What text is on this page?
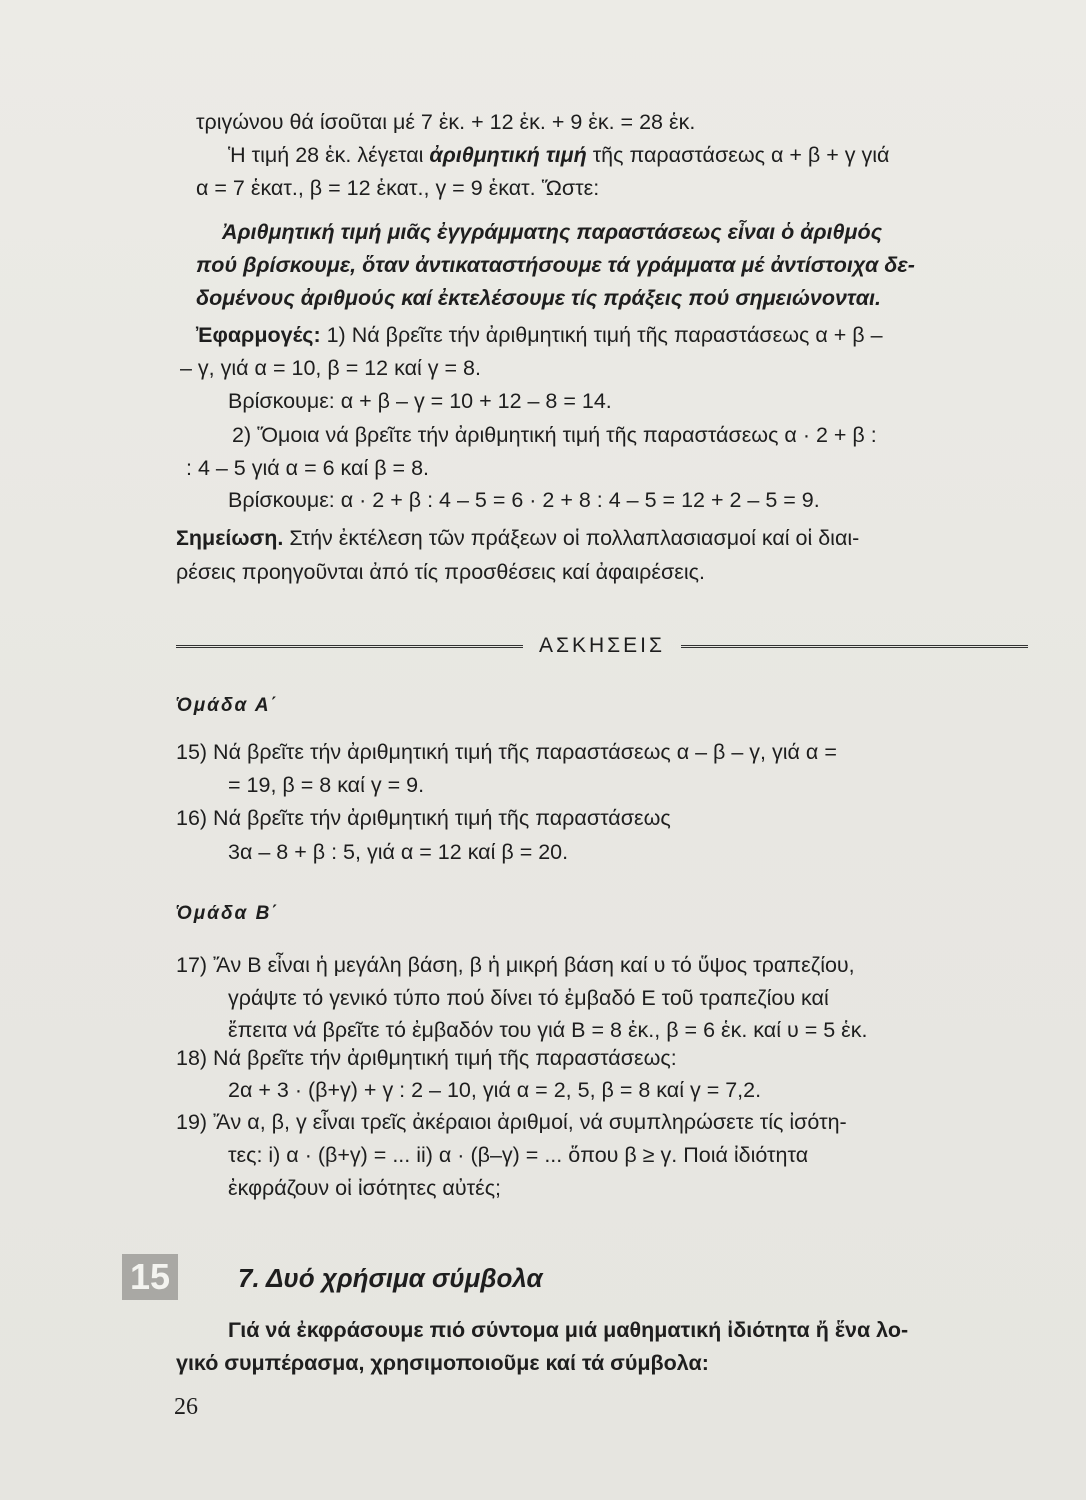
τριγώνου θά ίσοῦται μέ 7 ἑκ. + 12 ἑκ. + 9 ἑκ. = 28 ἑκ.
Ἡ τιμή 28 ἑκ. λέγεται ἀριθμητική τιμή τῆς παραστάσεως α + β + γ γιά
α = 7 ἑκατ., β = 12 ἑκατ., γ = 9 ἑκατ. Ὥστε:
Ἀριθμητική τιμή μιᾶς ἐγγράμματης παραστάσεως εἶναι ὁ ἀριθμός
πού βρίσκουμε, ὅταν ἀντικαταστήσουμε τά γράμματα μέ ἀντίστοιχα δε-
δομένους ἀριθμούς καί ἐκτελέσουμε τίς πράξεις πού σημειώνονται.
Ἐφαρμογές: 1) Νά βρεῖτε τήν ἀριθμητική τιμή τῆς παραστάσεως α + β –
– γ, γιά α = 10, β = 12 καί γ = 8.
Βρίσκουμε: α + β – γ = 10 + 12 – 8 = 14.
2) Ὅμοια νά βρεῖτε τήν ἀριθμητική τιμή τῆς παραστάσεως α · 2 + β :
: 4 – 5 γιά α = 6 καί β = 8.
Βρίσκουμε: α · 2 + β : 4 – 5 = 6 · 2 + 8 : 4 – 5 = 12 + 2 – 5 = 9.
Σημείωση. Στήν ἐκτέλεση τῶν πράξεων οἱ πολλαπλασιασμοί καί οἱ διαι-
ρέσεις προηγοῦνται ἀπό τίς προσθέσεις καί ἀφαιρέσεις.
ΑΣΚΗΣΕΙΣ
Ὁμάδα Α΄
15) Νά βρεῖτε τήν ἀριθμητική τιμή τῆς παραστάσεως α – β – γ, γιά α =
= 19, β = 8 καί γ = 9.
16) Νά βρεῖτε τήν ἀριθμητική τιμή τῆς παραστάσεως
3α – 8 + β : 5, γιά α = 12 καί β = 20.
Ὁμάδα Β΄
17) Ἄν Β εἶναι ἡ μεγάλη βάση, β ἡ μικρή βάση καί υ τό ὕψος τραπεζίου,
γράψτε τό γενικό τύπο πού δίνει τό ἐμβαδό Ε τοῦ τραπεζίου καί
ἔπειτα νά βρεῖτε τό ἐμβαδόν του γιά Β = 8 ἑκ., β = 6 ἑκ. καί υ = 5 ἑκ.
18) Νά βρεῖτε τήν ἀριθμητική τιμή τῆς παραστάσεως:
2α + 3 · (β+γ) + γ : 2 – 10, γιά α = 2, 5, β = 8 καί γ = 7,2.
19) Ἄν α, β, γ εἶναι τρεῖς ἀκέραιοι ἀριθμοί, νά συμπληρώσετε τίς ἰσότη-
τες: i) α · (β+γ) = ... ii) α · (β–γ) = ... ὅπου β ≥ γ. Ποιά ἰδιότητα
ἐκφράζουν οἱ ἰσότητες αὐτές;
15	7. Δυό χρήσιμα σύμβολα
Γιά νά ἐκφράσουμε πιό σύντομα μιά μαθηματική ἰδιότητα ἤ ἕνα λο-
γικό συμπέρασμα, χρησιμοποιοῦμε καί τά σύμβολα:
26
